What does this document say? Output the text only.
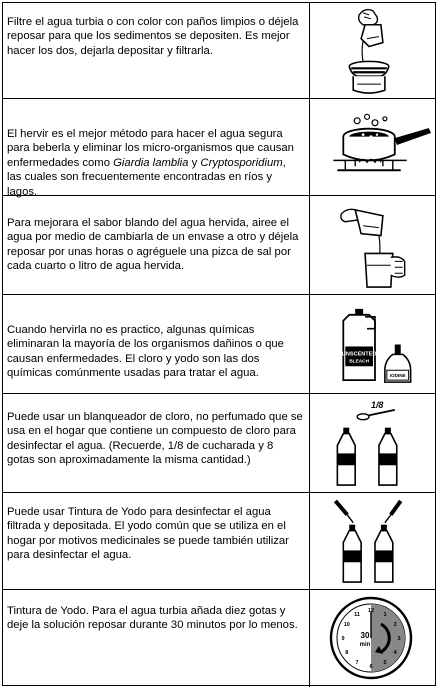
Filtre el agua turbia o con color con paños limpios o déjela reposar para que los sedimentos se depositen. Es mejor hacer los dos, dejarla depositar y filtrarla.
El hervir es el mejor método para hacer el agua segura para beberla y eliminar los micro-organismos que causan enfermedades como Giardia lamblia y Cryptosporidium, las cuales son frecuentemente encontradas en ríos y lagos.
Para mejorara el sabor blando del agua hervida, airee el agua por medio de cambiarla de un envase a otro y déjela reposar por unas horas o agréguele una pizca de sal por cada cuarto o litro de agua hervida.
Cuando hervirla no es practico, algunas químicas eliminaran la mayoría de los organismos dañinos o que causan enfermedades. El cloro y yodo son las dos químicas comúnmente usadas para tratar el agua.
UNSCENTED
BLEACH
IODINE
Puede usar un blanqueador de cloro, no perfumado que se usa en el hogar que contiene un compuesto de cloro para desinfectar el agua. (Recuerde, 1/8 de cucharada y 8 gotas son aproximadamente la misma cantidad.)
1/8
Puede usar Tintura de Yodo para desinfectar el agua filtrada y depositada. El yodo común que se utiliza en el hogar por motivos medicinales se puede también utilizar para desinfectar el agua.
Tintura de Yodo. Para el agua turbia añada diez gotas y deje la solución reposar durante 30 minutos por lo menos.
12
1
2
3
4
5
6
7
8
9
10
11
30
min
